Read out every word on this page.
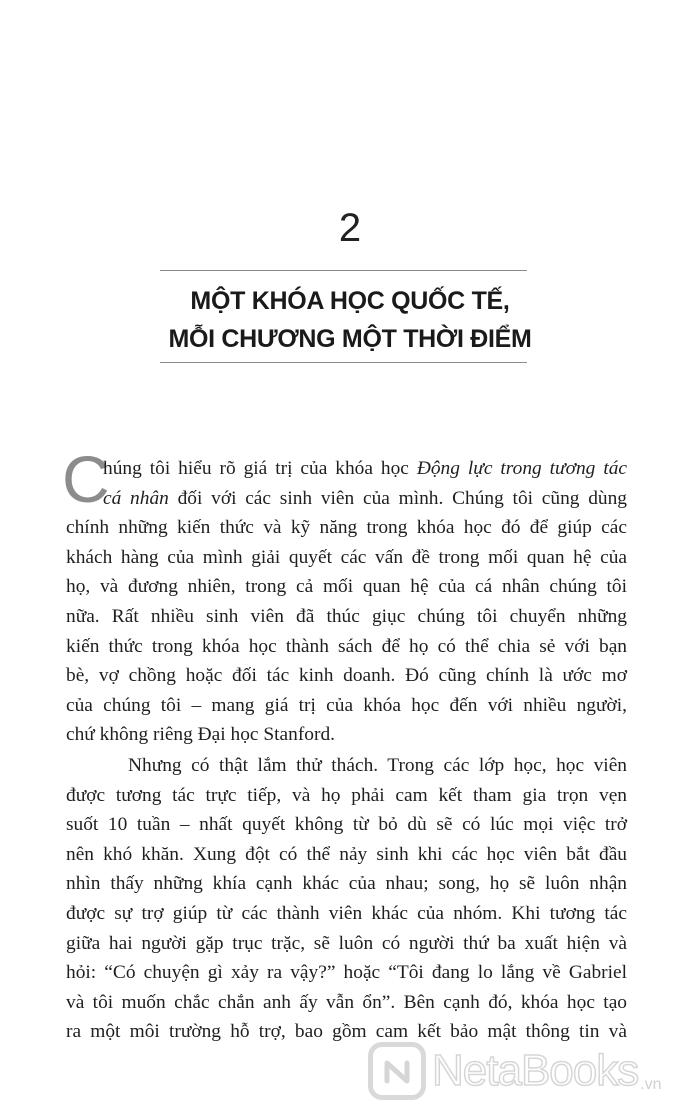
2
MỘT KHÓA HỌC QUỐC TẾ,
MỖI CHƯƠNG MỘT THỜI ĐIỂM
C
húng tôi hiểu rõ giá trị của khóa học Động lực trong tương tác
cá nhân đối với các sinh viên của mình. Chúng tôi cũng dùng
chính những kiến thức và kỹ năng trong khóa học đó để giúp các
khách hàng của mình giải quyết các vấn đề trong mối quan hệ của
họ, và đương nhiên, trong cả mối quan hệ của cá nhân chúng tôi
nữa. Rất nhiều sinh viên đã thúc giục chúng tôi chuyển những
kiến thức trong khóa học thành sách để họ có thể chia sẻ với bạn
bè, vợ chồng hoặc đối tác kinh doanh. Đó cũng chính là ước mơ
của chúng tôi – mang giá trị của khóa học đến với nhiều người,
chứ không riêng Đại học Stanford.
Nhưng có thật lắm thử thách. Trong các lớp học, học viên
được tương tác trực tiếp, và họ phải cam kết tham gia trọn vẹn
suốt 10 tuần – nhất quyết không từ bỏ dù sẽ có lúc mọi việc trở
nên khó khăn. Xung đột có thể nảy sinh khi các học viên bắt đầu
nhìn thấy những khía cạnh khác của nhau; song, họ sẽ luôn nhận
được sự trợ giúp từ các thành viên khác của nhóm. Khi tương tác
giữa hai người gặp trục trặc, sẽ luôn có người thứ ba xuất hiện và
hỏi: “Có chuyện gì xảy ra vậy?” hoặc “Tôi đang lo lắng về Gabriel
và tôi muốn chắc chắn anh ấy vẫn ổn”. Bên cạnh đó, khóa học tạo
ra một môi trường hỗ trợ, bao gồm cam kết bảo mật thông tin và
NetaBooks .vn
